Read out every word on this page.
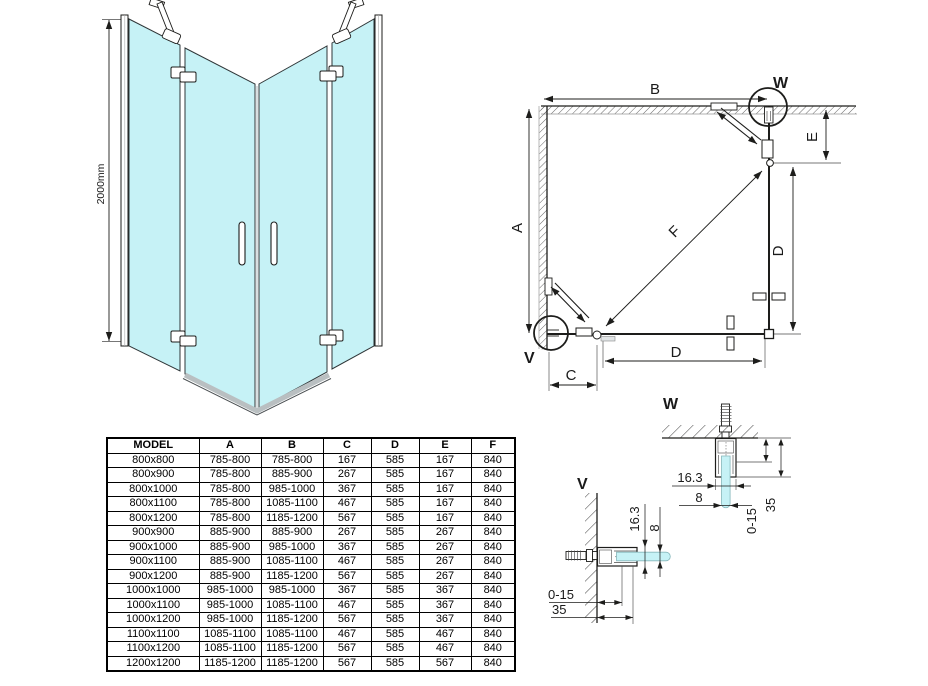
2000mm
B
A
E
F
D
D
C
V
W
W
16.3
8
0-15
35
V
16.3 8
0-15
35
MODEL	A	B	C	D	E	F
800x800	785-800	785-800	167	585	167	840
800x900	785-800	885-900	267	585	167	840
800x1000	785-800	985-1000	367	585	167	840
800x1100	785-800	1085-1100	467	585	167	840
800x1200	785-800	1185-1200	567	585	167	840
900x900	885-900	885-900	267	585	267	840
900x1000	885-900	985-1000	367	585	267	840
900x1100	885-900	1085-1100	467	585	267	840
900x1200	885-900	1185-1200	567	585	267	840
1000x1000	985-1000	985-1000	367	585	367	840
1000x1100	985-1000	1085-1100	467	585	367	840
1000x1200	985-1000	1185-1200	567	585	367	840
1100x1100	1085-1100	1085-1100	467	585	467	840
1100x1200	1085-1100	1185-1200	567	585	467	840
1200x1200	1185-1200	1185-1200	567	585	567	840
